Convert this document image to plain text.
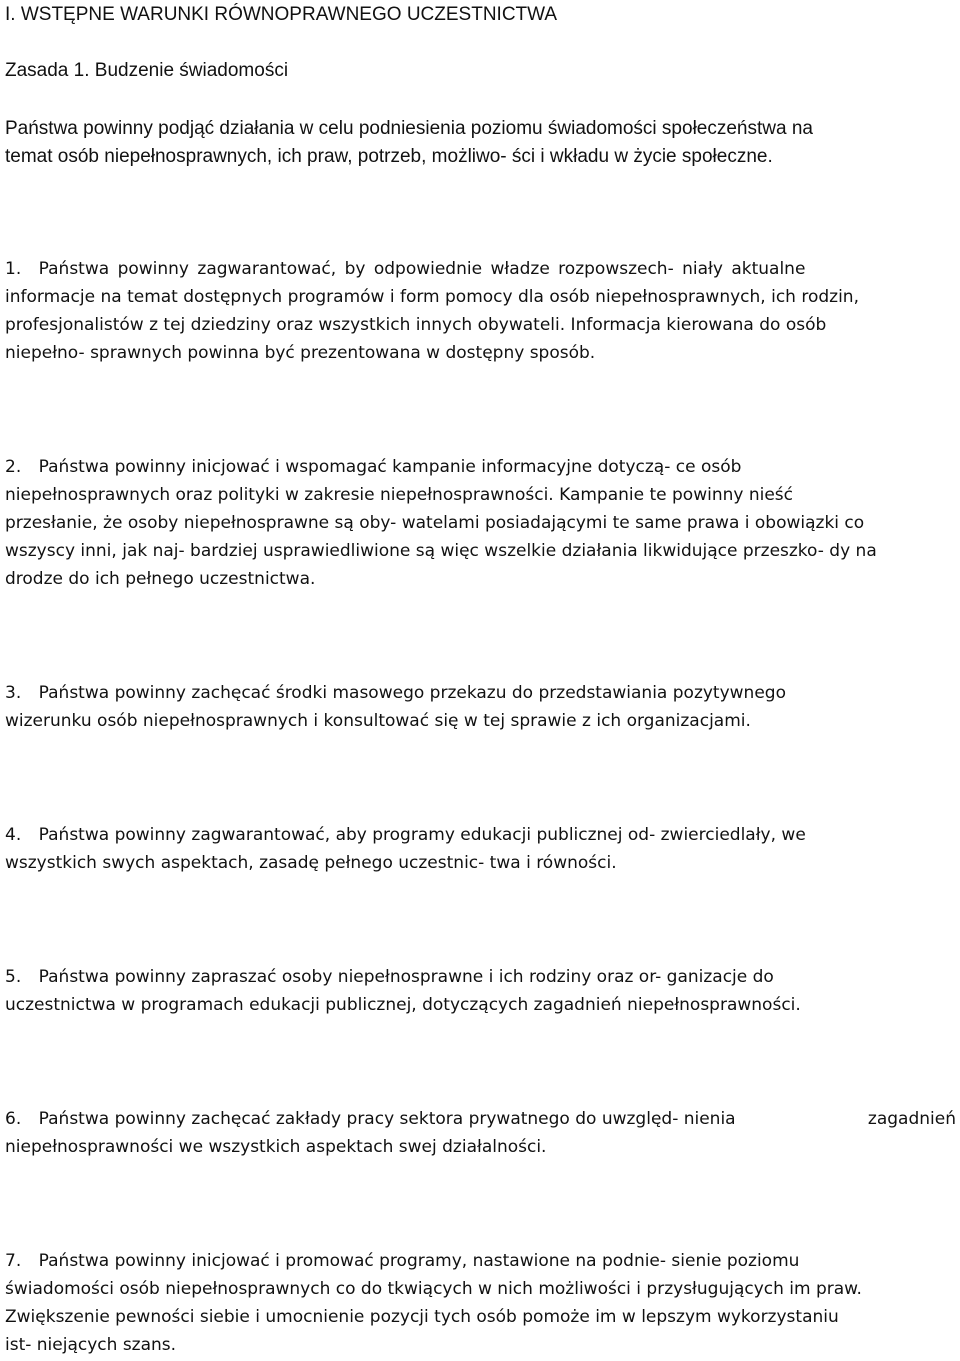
I. WSTĘPNE WARUNKI RÓWNOPRAWNEGO UCZESTNICTWA
Zasada 1. Budzenie świadomości
Państwa powinny podjąć działania w celu podniesienia poziomu świadomości społeczeństwa na
temat osób niepełnosprawnych, ich praw, potrzeb, możliwo- ści i wkładu w życie społeczne.
1. Państwa powinny zagwarantować, by odpowiednie władze rozpowszech- niały aktualne
informacje na temat dostępnych programów i form pomocy dla osób niepełnosprawnych, ich rodzin,
profesjonalistów z tej dziedziny oraz wszystkich innych obywateli. Informacja kierowana do osób
niepełno- sprawnych powinna być prezentowana w dostępny sposób.
2. Państwa powinny inicjować i wspomagać kampanie informacyjne dotyczą- ce osób
niepełnosprawnych oraz polityki w zakresie niepełnosprawności. Kampanie te powinny nieść
przesłanie, że osoby niepełnosprawne są oby- watelami posiadającymi te same prawa i obowiązki co
wszyscy inni, jak naj- bardziej usprawiedliwione są więc wszelkie działania likwidujące przeszko- dy na
drodze do ich pełnego uczestnictwa.
3. Państwa powinny zachęcać środki masowego przekazu do przedstawiania pozytywnego
wizerunku osób niepełnosprawnych i konsultować się w tej sprawie z ich organizacjami.
4. Państwa powinny zagwarantować, aby programy edukacji publicznej od- zwierciedlały, we
wszystkich swych aspektach, zasadę pełnego uczestnic- twa i równości.
5. Państwa powinny zapraszać osoby niepełnosprawne i ich rodziny oraz or- ganizacje do
uczestnictwa w programach edukacji publicznej, dotyczących zagadnień niepełnosprawności.
6. Państwa powinny zachęcać zakłady pracy sektora prywatnego do uwzględ- nienia	zagadnień
niepełnosprawności we wszystkich aspektach swej działalności.
7. Państwa powinny inicjować i promować programy, nastawione na podnie- sienie poziomu
świadomości osób niepełnosprawnych co do tkwiących w nich możliwości i przysługujących im praw.
Zwiększenie pewności siebie i umocnienie pozycji tych osób pomoże im w lepszym wykorzystaniu
ist- niejących szans.
